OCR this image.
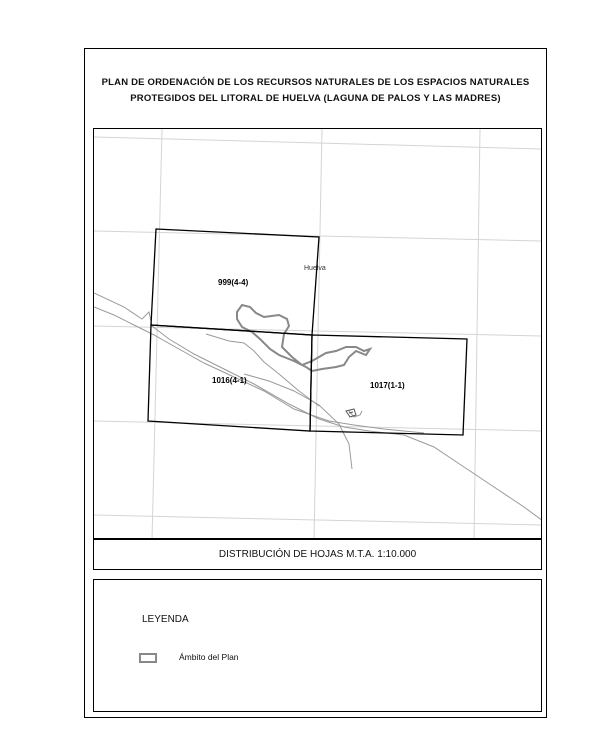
PLAN DE ORDENACIÓN DE LOS RECURSOS NATURALES DE LOS ESPACIOS NATURALES
PROTEGIDOS DEL LITORAL DE HUELVA (LAGUNA DE PALOS Y LAS MADRES)
Huelva
999(4-4)
1016(4-1)
1017(1-1)
DISTRIBUCIÓN DE HOJAS M.T.A. 1:10.000
LEYENDA
Ámbito del Plan
